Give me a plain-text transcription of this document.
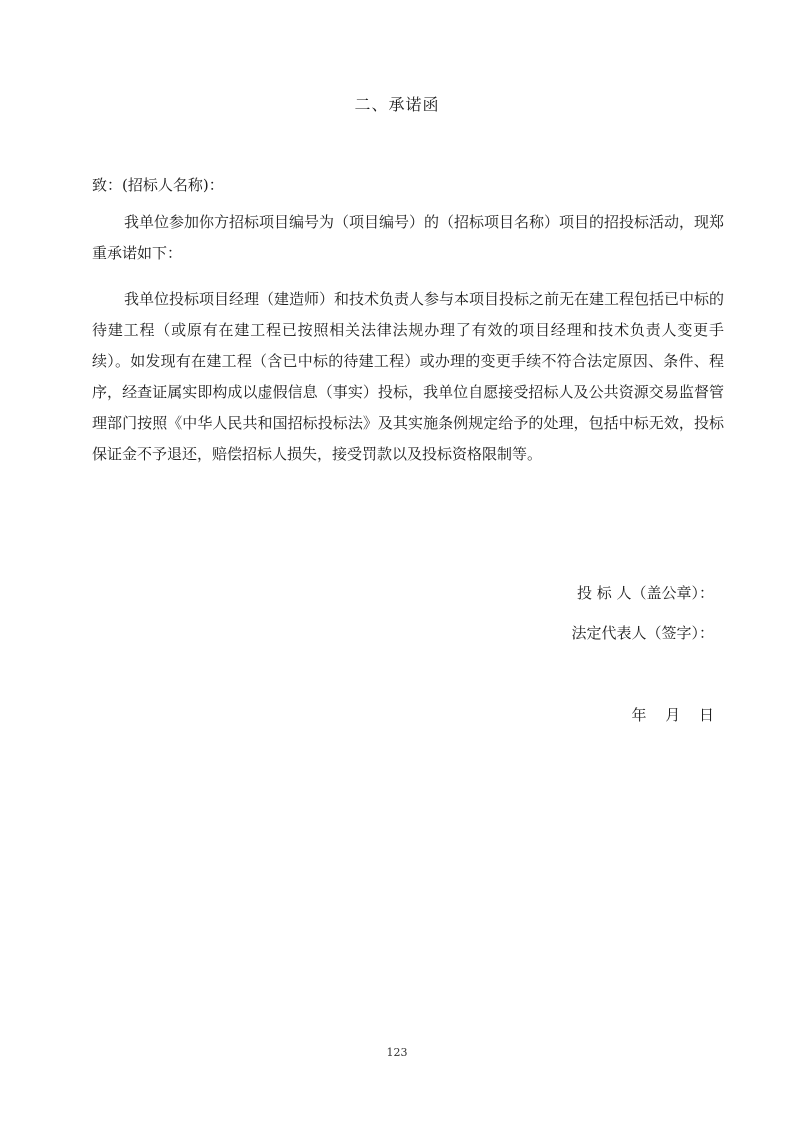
二、承诺函
致：(招标人名称)：

我单位参加你方招标项目编号为（项目编号）的（招标项目名称）项目的招投标活动，现郑重承诺如下：

我单位投标项目经理（建造师）和技术负责人参与本项目投标之前无在建工程包括已中标的待建工程（或原有在建工程已按照相关法律法规办理了有效的项目经理和技术负责人变更手续）。如发现有在建工程（含已中标的待建工程）或办理的变更手续不符合法定原因、条件、程序，经查证属实即构成以虚假信息（事实）投标，我单位自愿接受招标人及公共资源交易监督管理部门按照《中华人民共和国招标投标法》及其实施条例规定给予的处理，包括中标无效，投标保证金不予退还，赔偿招标人损失，接受罚款以及投标资格限制等。

投 标 人（盖公章）：
法定代表人（签字）：
年 月 日
123
